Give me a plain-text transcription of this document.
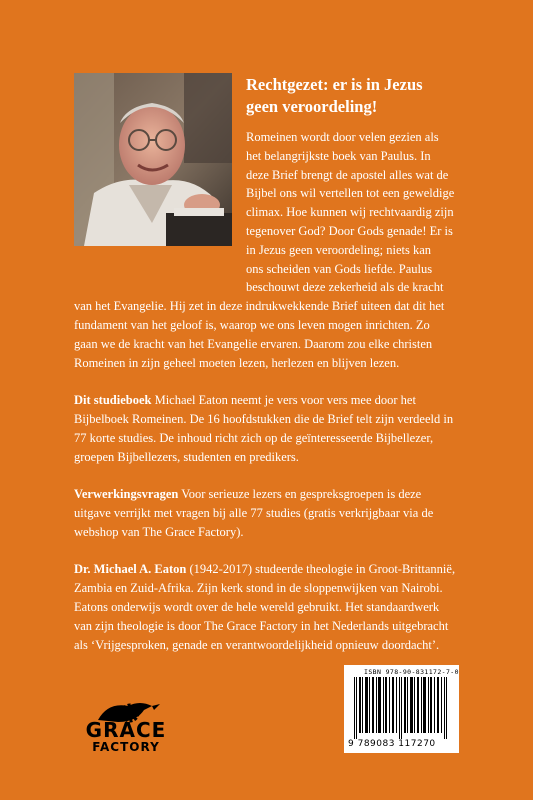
Rechtgezet: er is in Jezus
geen veroordeling!
Romeinen wordt door velen gezien als
het belangrijkste boek van Paulus. In
deze Brief brengt de apostel alles wat de
Bijbel ons wil vertellen tot een geweldige
climax. Hoe kunnen wij rechtvaardig zijn
tegenover God? Door Gods genade! Er is
in Jezus geen veroordeling; niets kan
ons scheiden van Gods liefde. Paulus
beschouwt deze zekerheid als de kracht
van het Evangelie. Hij zet in deze indrukwekkende Brief uiteen dat dit het
fundament van het geloof is, waarop we ons leven mogen inrichten. Zo
gaan we de kracht van het Evangelie ervaren. Daarom zou elke christen
Romeinen in zijn geheel moeten lezen, herlezen en blijven lezen.
Dit studieboek Michael Eaton neemt je vers voor vers mee door het
Bijbelboek Romeinen. De 16 hoofdstukken die de Brief telt zijn verdeeld in
77 korte studies. De inhoud richt zich op de geïnteresseerde Bijbellezer,
groepen Bijbellezers, studenten en predikers.
Verwerkingsvragen Voor serieuze lezers en gespreksgroepen is deze
uitgave verrijkt met vragen bij alle 77 studies (gratis verkrijgbaar via de
webshop van The Grace Factory).
Dr. Michael A. Eaton (1942-2017) studeerde theologie in Groot-Brittannië,
Zambia en Zuid-Afrika. Zijn kerk stond in de sloppenwijken van Nairobi.
Eatons onderwijs wordt over de hele wereld gebruikt. Het standaardwerk
van zijn theologie is door The Grace Factory in het Nederlands uitgebracht
als ‘Vrijgesproken, genade en verantwoordelijkheid opnieuw doordacht’.
THE
GRACE
FACTORY
ISBN 978-90-831172-7-0
9 789083 117270
